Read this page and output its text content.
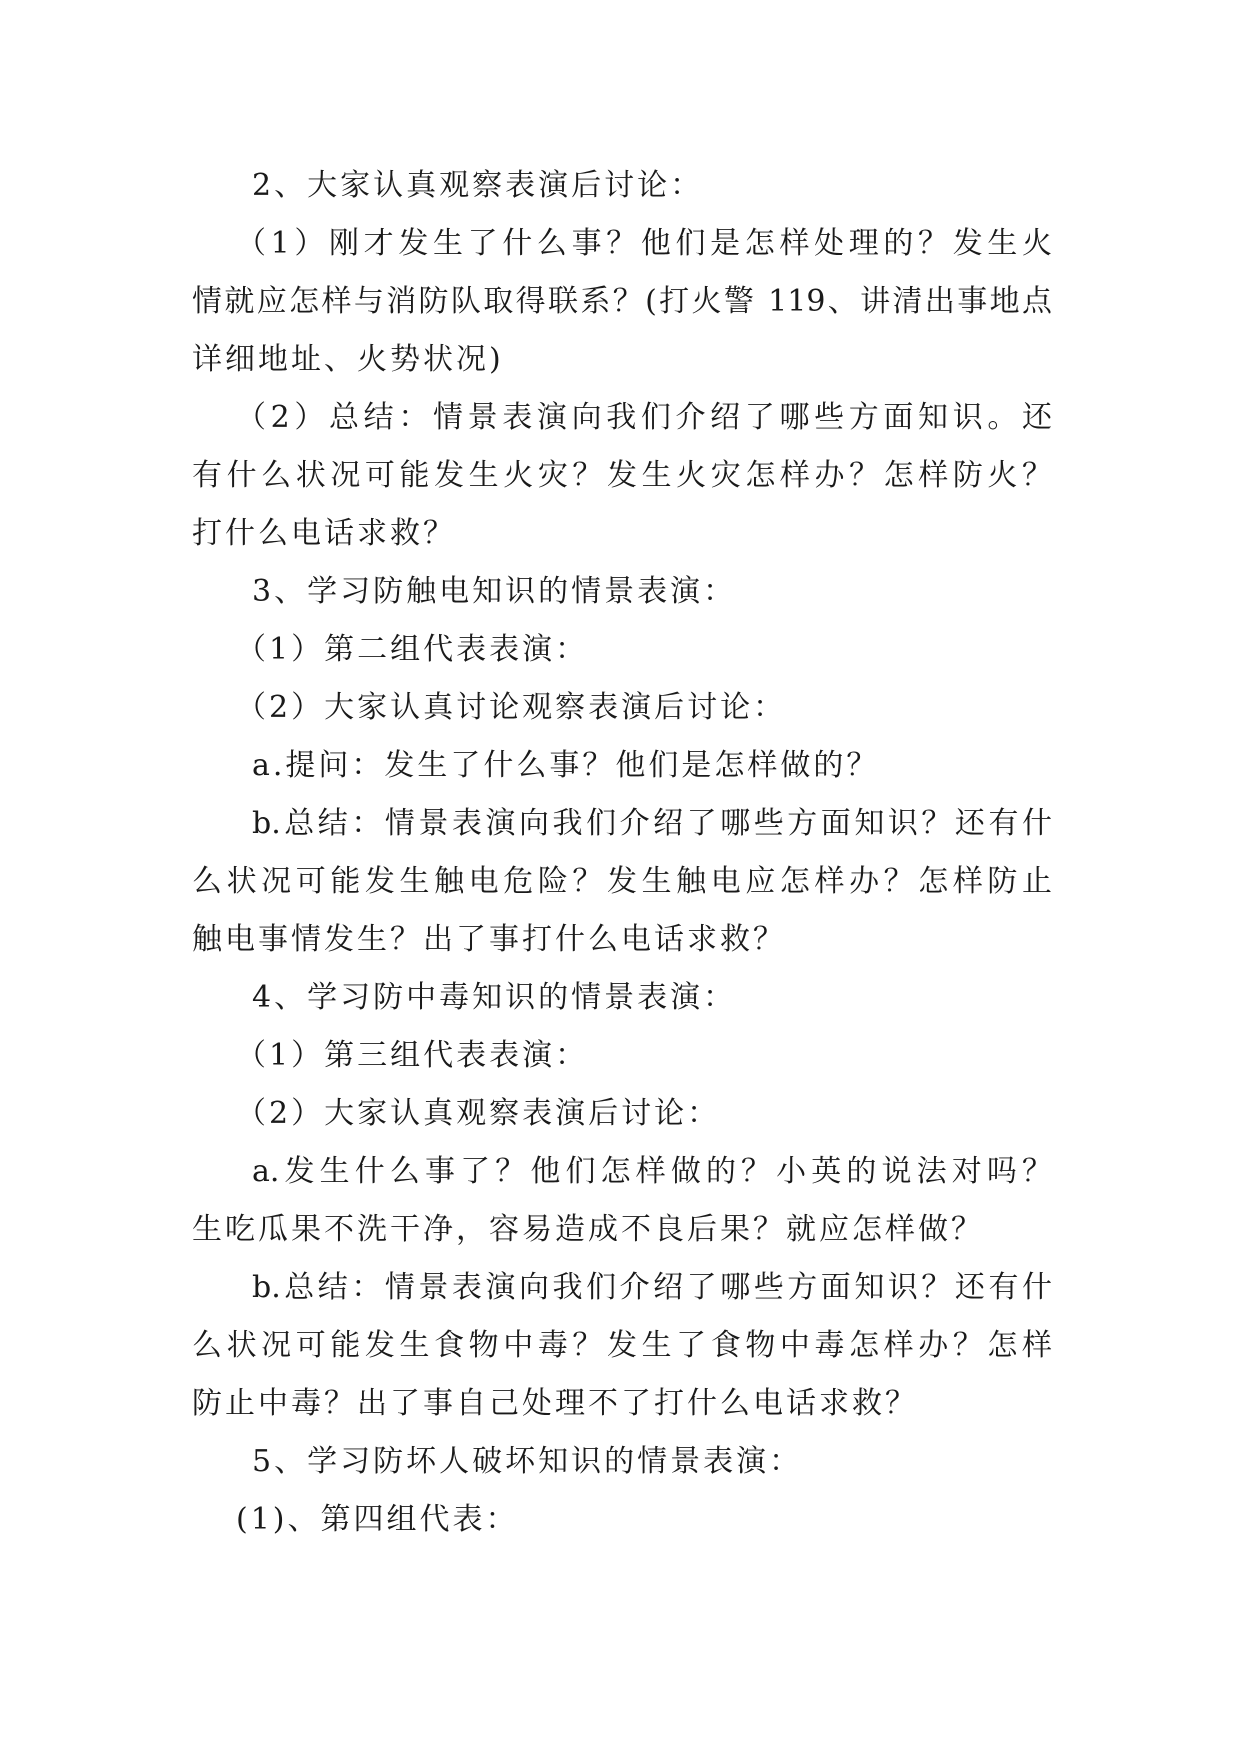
2、大家认真观察表演后讨论：
（1）刚才发生了什么事？他们是怎样处理的？发生火
情就应怎样与消防队取得联系？(打火警 119、讲清出事地点
详细地址、火势状况)
（2）总结：情景表演向我们介绍了哪些方面知识。还
有什么状况可能发生火灾？发生火灾怎样办？怎样防火？
打什么电话求救？
3、学习防触电知识的情景表演：
（1）第二组代表表演：
（2）大家认真讨论观察表演后讨论：
a.提问：发生了什么事？他们是怎样做的？
b.总结：情景表演向我们介绍了哪些方面知识？还有什
么状况可能发生触电危险？发生触电应怎样办？怎样防止
触电事情发生？出了事打什么电话求救？
4、学习防中毒知识的情景表演：
（1）第三组代表表演：
（2）大家认真观察表演后讨论：
a.发生什么事了？他们怎样做的？小英的说法对吗？
生吃瓜果不洗干净，容易造成不良后果？就应怎样做？
b.总结：情景表演向我们介绍了哪些方面知识？还有什
么状况可能发生食物中毒？发生了食物中毒怎样办？怎样
防止中毒？出了事自己处理不了打什么电话求救？
5、学习防坏人破坏知识的情景表演：
(1)、第四组代表：
